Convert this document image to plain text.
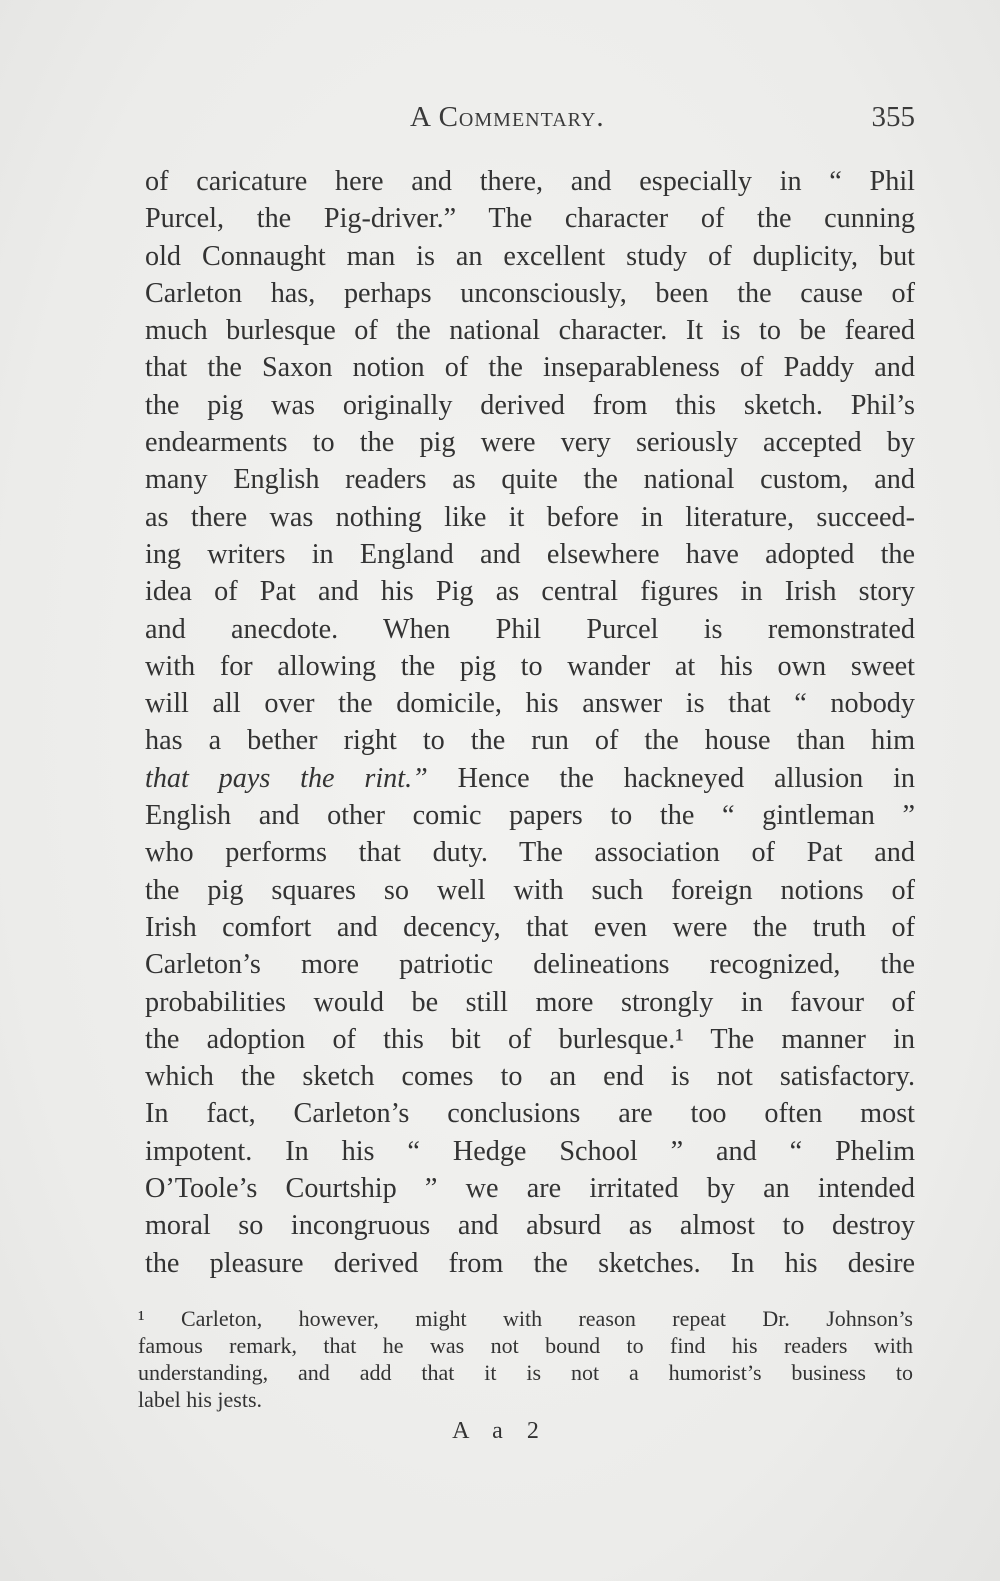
A Commentary.	355
of caricature here and there, and especially in “ Phil
Purcel, the Pig-driver.” The character of the cunning
old Connaught man is an excellent study of duplicity, but
Carleton has, perhaps unconsciously, been the cause of
much burlesque of the national character. It is to be feared
that the Saxon notion of the inseparableness of Paddy and
the pig was originally derived from this sketch. Phil’s
endearments to the pig were very seriously accepted by
many English readers as quite the national custom, and
as there was nothing like it before in literature, succeed-
ing writers in England and elsewhere have adopted the
idea of Pat and his Pig as central figures in Irish story
and anecdote. When Phil Purcel is remonstrated
with for allowing the pig to wander at his own sweet
will all over the domicile, his answer is that “ nobody
has a bether right to the run of the house than him
that pays the rint.” Hence the hackneyed allusion in
English and other comic papers to the “ gintleman ”
who performs that duty. The association of Pat and
the pig squares so well with such foreign notions of
Irish comfort and decency, that even were the truth of
Carleton’s more patriotic delineations recognized, the
probabilities would be still more strongly in favour of
the adoption of this bit of burlesque.¹ The manner in
which the sketch comes to an end is not satisfactory.
In fact, Carleton’s conclusions are too often most
impotent. In his “ Hedge School ” and “ Phelim
O’Toole’s Courtship ” we are irritated by an intended
moral so incongruous and absurd as almost to destroy
the pleasure derived from the sketches. In his desire
¹ Carleton, however, might with reason repeat Dr. Johnson’s
famous remark, that he was not bound to find his readers with
understanding, and add that it is not a humorist’s business to
label his jests.
A a 2
